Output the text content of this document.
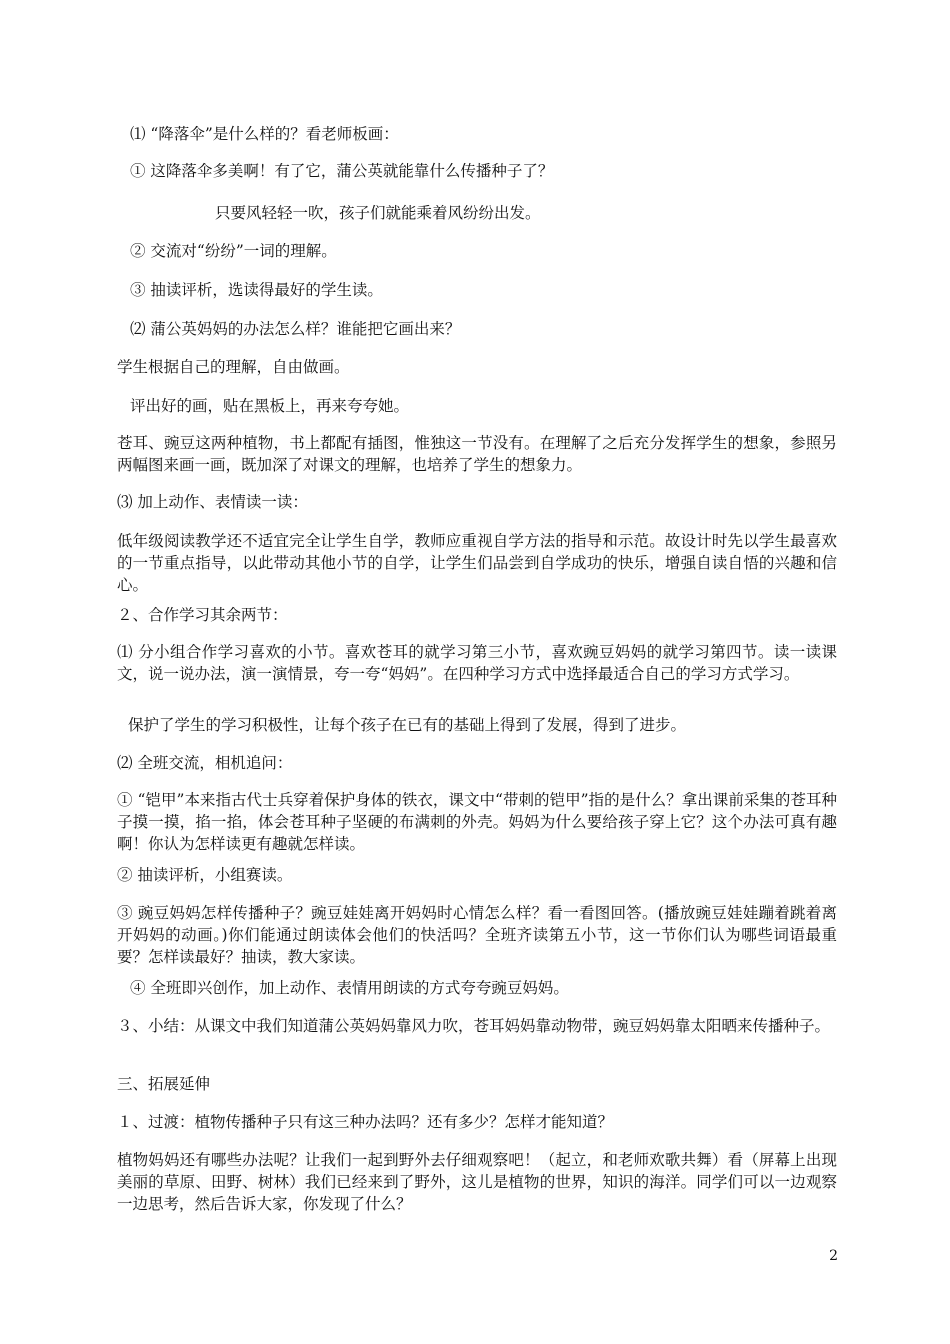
⑴ “降落伞”是什么样的？看老师板画：

① 这降落伞多美啊！有了它，蒲公英就能靠什么传播种子了？

只要风轻轻一吹，孩子们就能乘着风纷纷出发。

② 交流对“纷纷”一词的理解。

③ 抽读评析，选读得最好的学生读。

⑵ 蒲公英妈妈的办法怎么样？谁能把它画出来？

学生根据自己的理解，自由做画。

评出好的画，贴在黑板上，再来夸夸她。

苍耳、豌豆这两种植物，书上都配有插图，惟独这一节没有。在理解了之后充分发挥学生的想象，参照另两幅图来画一画，既加深了对课文的理解，也培养了学生的想象力。

⑶ 加上动作、表情读一读：

低年级阅读教学还不适宜完全让学生自学，教师应重视自学方法的指导和示范。故设计时先以学生最喜欢的一节重点指导，以此带动其他小节的自学，让学生们品尝到自学成功的快乐，增强自读自悟的兴趣和信心。

２、合作学习其余两节：

⑴ 分小组合作学习喜欢的小节。喜欢苍耳的就学习第三小节，喜欢豌豆妈妈的就学习第四节。读一读课文，说一说办法，演一演情景，夸一夸“妈妈”。在四种学习方式中选择最适合自己的学习方式学习。

保护了学生的学习积极性，让每个孩子在已有的基础上得到了发展，得到了进步。

⑵ 全班交流，相机追问：

① “铠甲”本来指古代士兵穿着保护身体的铁衣，课文中“带刺的铠甲”指的是什么？拿出课前采集的苍耳种子摸一摸，掐一掐，体会苍耳种子坚硬的布满刺的外壳。妈妈为什么要给孩子穿上它？这个办法可真有趣啊！你认为怎样读更有趣就怎样读。

② 抽读评析，小组赛读。

③ 豌豆妈妈怎样传播种子？豌豆娃娃离开妈妈时心情怎么样？看一看图回答。(播放豌豆娃娃蹦着跳着离开妈妈的动画。)你们能通过朗读体会他们的快活吗？全班齐读第五小节，这一节你们认为哪些词语最重要？怎样读最好？抽读，教大家读。

④ 全班即兴创作，加上动作、表情用朗读的方式夸夸豌豆妈妈。

３、小结：从课文中我们知道蒲公英妈妈靠风力吹，苍耳妈妈靠动物带，豌豆妈妈靠太阳晒来传播种子。

三、拓展延伸

１、过渡：植物传播种子只有这三种办法吗？还有多少？怎样才能知道？

植物妈妈还有哪些办法呢？让我们一起到野外去仔细观察吧！（起立，和老师欢歌共舞）看（屏幕上出现美丽的草原、田野、树林）我们已经来到了野外，这儿是植物的世界，知识的海洋。同学们可以一边观察一边思考，然后告诉大家，你发现了什么？

2
